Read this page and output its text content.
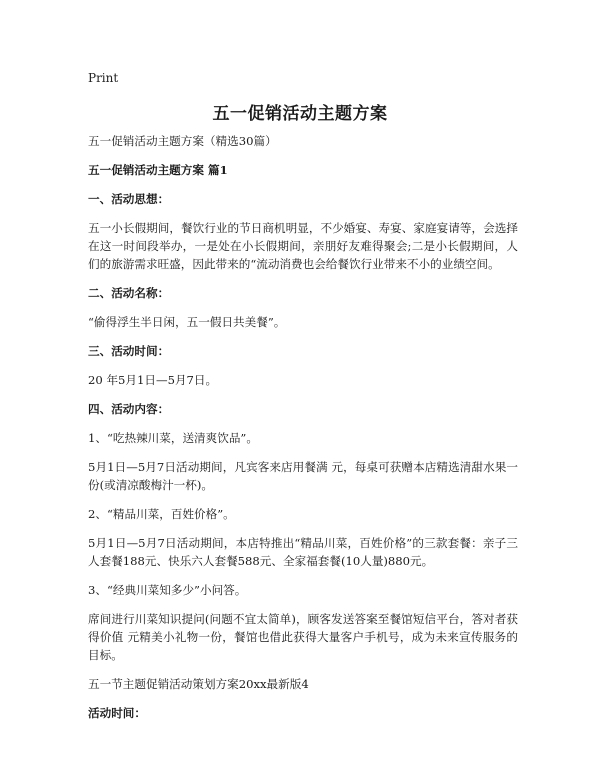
Print
五一促销活动主题方案
五一促销活动主题方案（精选30篇）
五一促销活动主题方案 篇1
一、活动思想：
五一小长假期间，餐饮行业的节日商机明显，不少婚宴、寿宴、家庭宴请等，会选择在这一时间段举办，一是处在小长假期间，亲朋好友难得聚会;二是小长假期间，人们的旅游需求旺盛，因此带来的“流动消费也会给餐饮行业带来不小的业绩空间。
二、活动名称：
“偷得浮生半日闲，五一假日共美餐”。
三、活动时间：
20 年5月1日—5月7日。
四、活动内容：
1、“吃热辣川菜，送清爽饮品”。
5月1日—5月7日活动期间，凡宾客来店用餐满 元，每桌可获赠本店精选清甜水果一份(或清凉酸梅汁一杯)。
2、“精品川菜，百姓价格”。
5月1日—5月7日活动期间，本店特推出“精品川菜，百姓价格”的三款套餐：亲子三人套餐188元、快乐六人套餐588元、全家福套餐(10人量)880元。
3、“经典川菜知多少”小问答。
席间进行川菜知识提问(问题不宜太简单)，顾客发送答案至餐馆短信平台，答对者获得价值 元精美小礼物一份，餐馆也借此获得大量客户手机号，成为未来宣传服务的目标。
五一节主题促销活动策划方案20xx最新版4
活动时间：
